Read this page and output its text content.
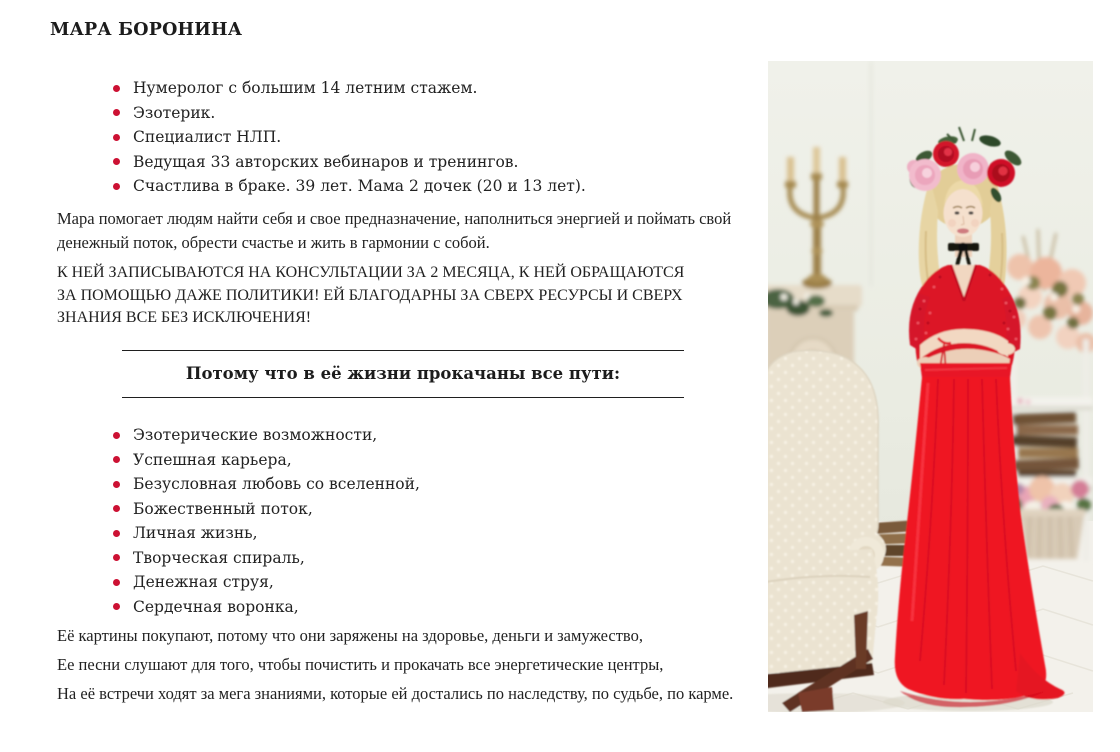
МАРА БОРОНИНА
Нумеролог с большим 14 летним стажем.
Эзотерик.
Специалист НЛП.
Ведущая 33 авторских вебинаров и тренингов.
Счастлива в браке. 39 лет. Мама 2 дочек (20 и 13 лет).

Мара помогает людям найти себя и свое предназначение, наполниться энергией и поймать свой денежный поток, обрести счастье и жить в гармонии с собой.

К НЕЙ ЗАПИСЫВАЮТСЯ НА КОНСУЛЬТАЦИИ ЗА 2 МЕСЯЦА, К НЕЙ ОБРАЩАЮТСЯ
ЗА ПОМОЩЬЮ ДАЖЕ ПОЛИТИКИ! ЕЙ БЛАГОДАРНЫ ЗА СВЕРХ РЕСУРСЫ И СВЕРХ
ЗНАНИЯ ВСЕ БЕЗ ИСКЛЮЧЕНИЯ!
Потому что в её жизни прокачаны все пути:
Эзотерические возможности,
Успешная карьера,
Безусловная любовь со вселенной,
Божественный поток,
Личная жизнь,
Творческая спираль,
Денежная струя,
Сердечная воронка,

Её картины покупают, потому что они заряжены на здоровье, деньги и замужество,

Ее песни слушают для того, чтобы почистить и прокачать все энергетические центры,

На её встречи ходят за мега знаниями, которые ей достались по наследству, по судьбе, по карме.
